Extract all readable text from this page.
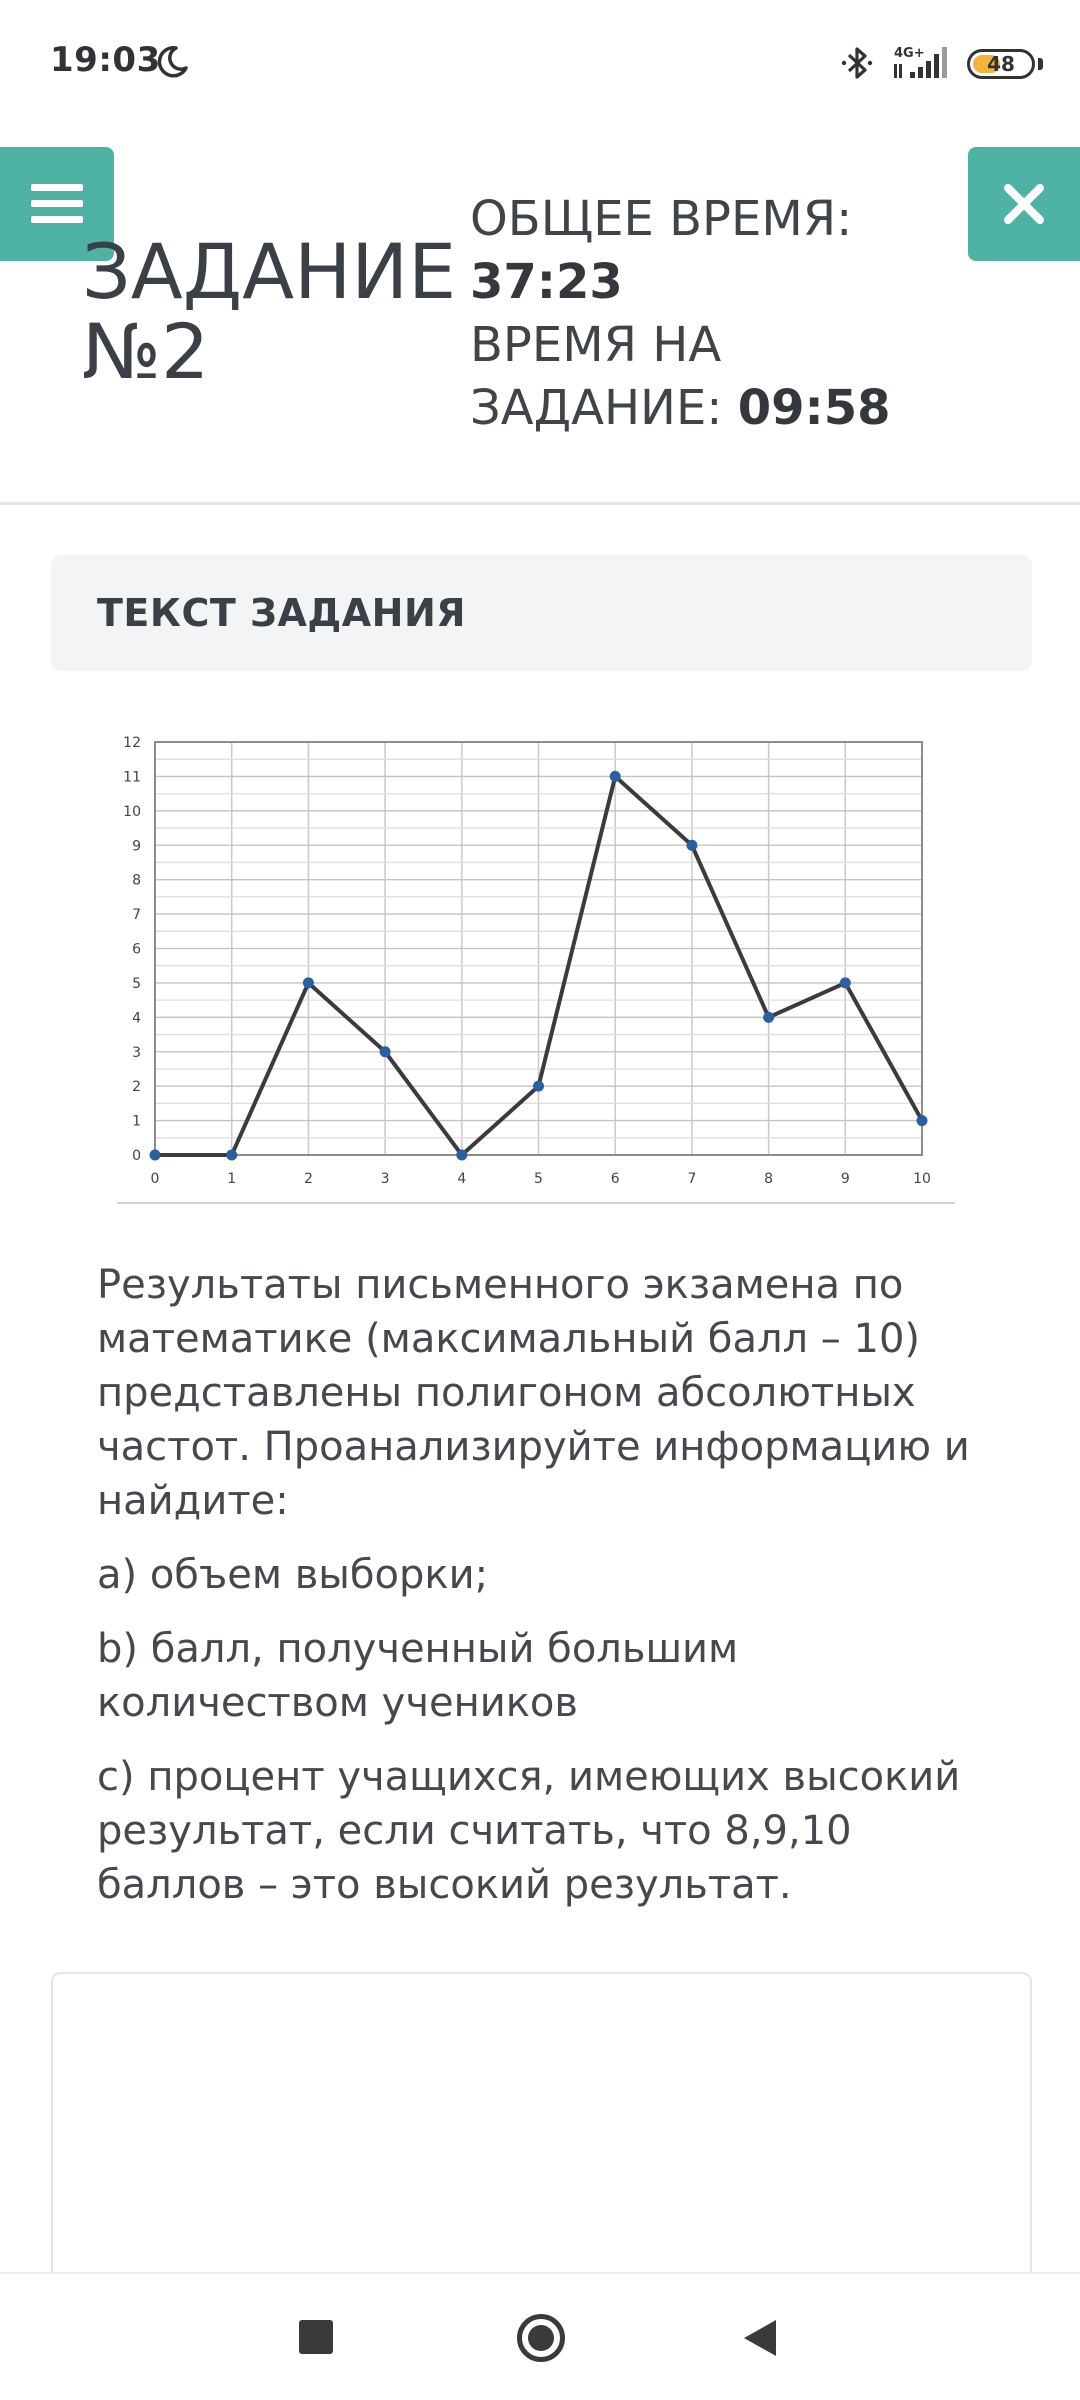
19:03	4G+	48
ЗАДАНИЕ
№2
ОБЩЕЕ ВРЕМЯ:
37:23
ВРЕМЯ НА
ЗАДАНИЕ: 09:58
ТЕКСТ ЗАДАНИЯ
0
1
2
3
4
5
6
7
8
9
10
11
12
0	1	2	3	4	5	6	7	8	9	10

Результаты письменного экзамена по математике (максимальный балл – 10) представлены полигоном абсолютных частот. Проанализируйте информацию и найдите:

a) объем выборки;

b) балл, полученный большим количеством учеников

c) процент учащихся, имеющих высокий результат, если считать, что 8,9,10 баллов – это высокий результат.
